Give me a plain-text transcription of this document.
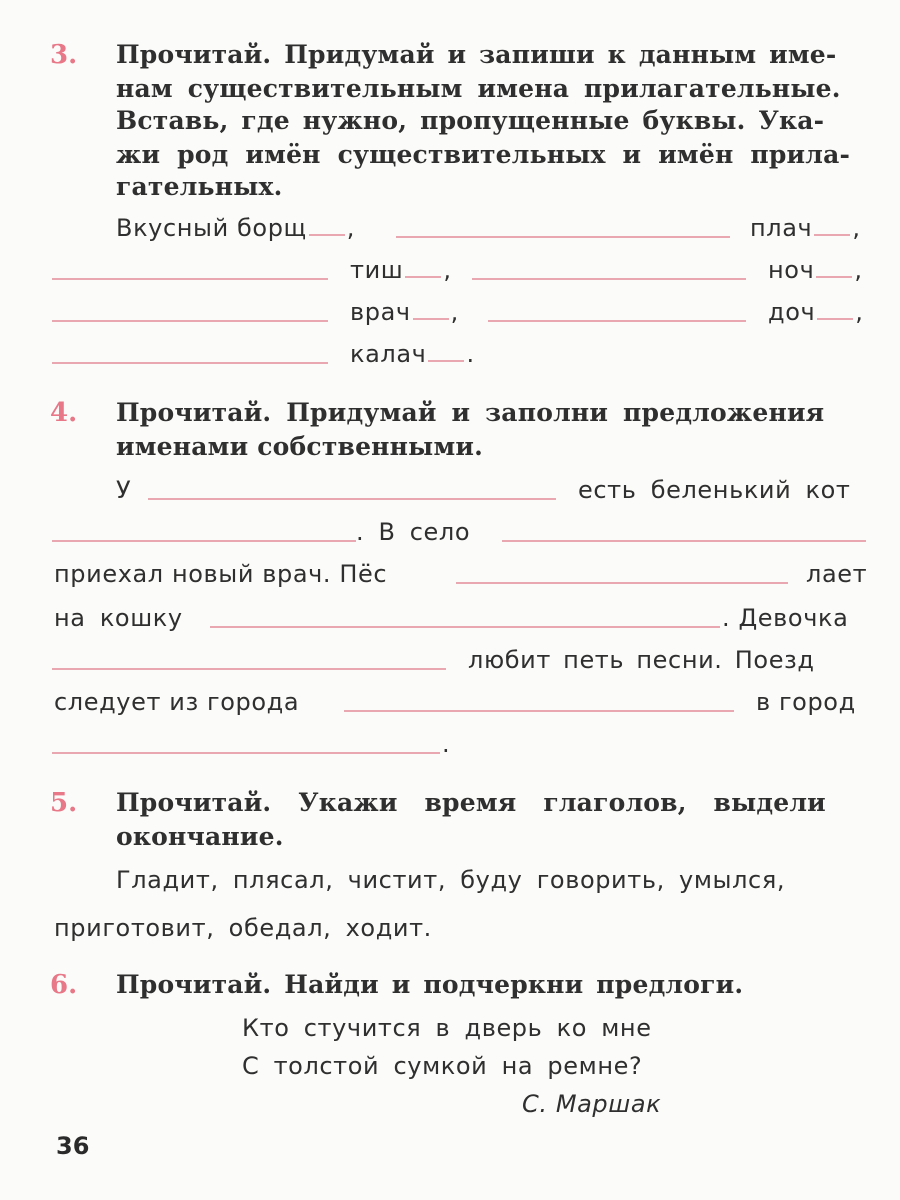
3. Прочитай. Придумай и запиши к данным име-
нам существительным имена прилагательные.
Вставь, где нужно, пропущенные буквы. Ука-
жи род имён существительных и имён прила-
гательных.
Вкусный борщ ,	плач ,
тиш ,	ноч ,
врач ,	доч ,
калач .
4. Прочитай. Придумай и заполни предложения
именами собственными.
У	есть беленький кот
. В село
приехал новый врач. Пёс	лает
на кошку	. Девочка
любит петь песни. Поезд
следует из города	в город
.
5. Прочитай. Укажи время глаголов, выдели
окончание.
Гладит, плясал, чистит, буду говорить, умылся,
приготовит, обедал, ходит.
6. Прочитай. Найди и подчеркни предлоги.
Кто стучится в дверь ко мне
С толстой сумкой на ремне?
С. Маршак
36
